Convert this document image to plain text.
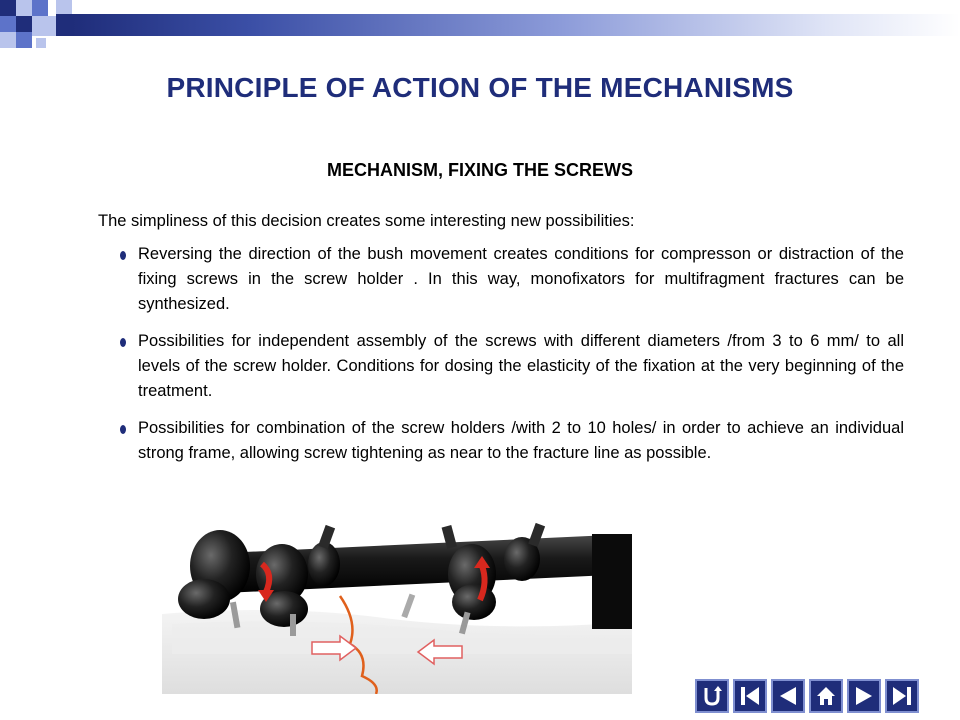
PRINCIPLE OF ACTION OF THE MECHANISMS
MECHANISM, FIXING THE SCREWS

The simpliness of this decision creates some interesting new possibilities:

Reversing the direction of the bush movement creates conditions for compresson or distraction of the fixing screws in the screw holder . In this way, monofixators for multifragment fractures can be synthesized.
Possibilities for independent assembly of the screws with different diameters /from 3 to 6 mm/ to all levels of the screw holder. Conditions for dosing the elasticity of the fixation at the very beginning of the treatment.
Possibilities for combination of the screw holders /with 2 to 10 holes/ in order to achieve an individual strong frame, allowing screw tightening as near to the fracture line as possible.
